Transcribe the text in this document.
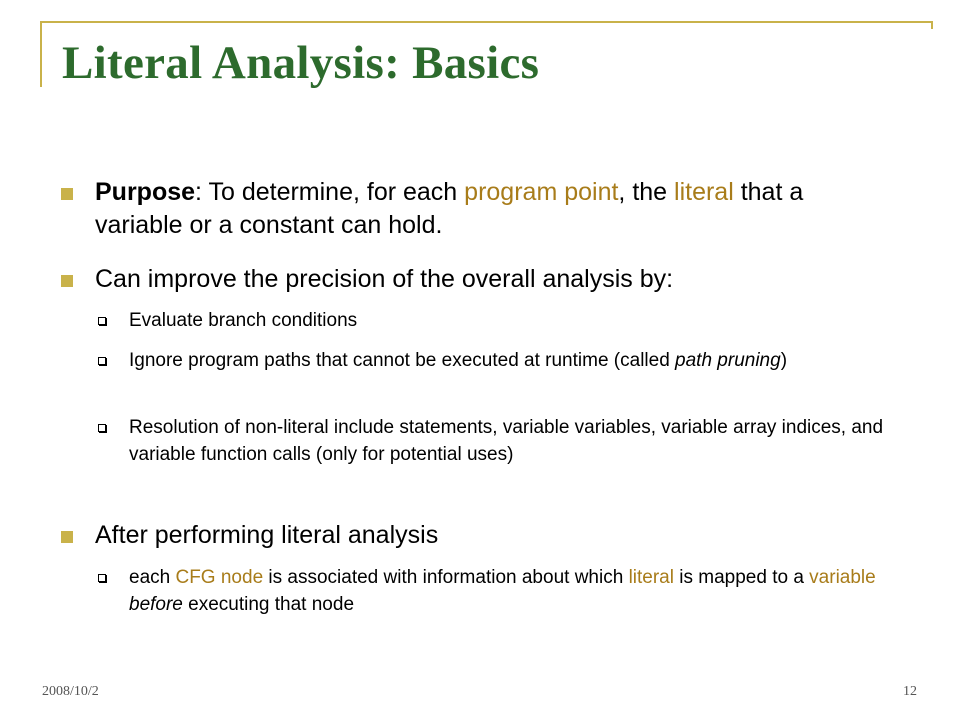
Literal Analysis: Basics
Purpose: To determine, for each program point, the literal that a variable or a constant can hold.
Can improve the precision of the overall analysis by:
Evaluate branch conditions
Ignore program paths that cannot be executed at runtime (called path pruning)
Resolution of non-literal include statements, variable variables, variable array indices, and variable function calls (only for potential uses)
After performing literal analysis
each CFG node is associated with information about which literal is mapped to a variable before executing that node
2008/10/2	12
